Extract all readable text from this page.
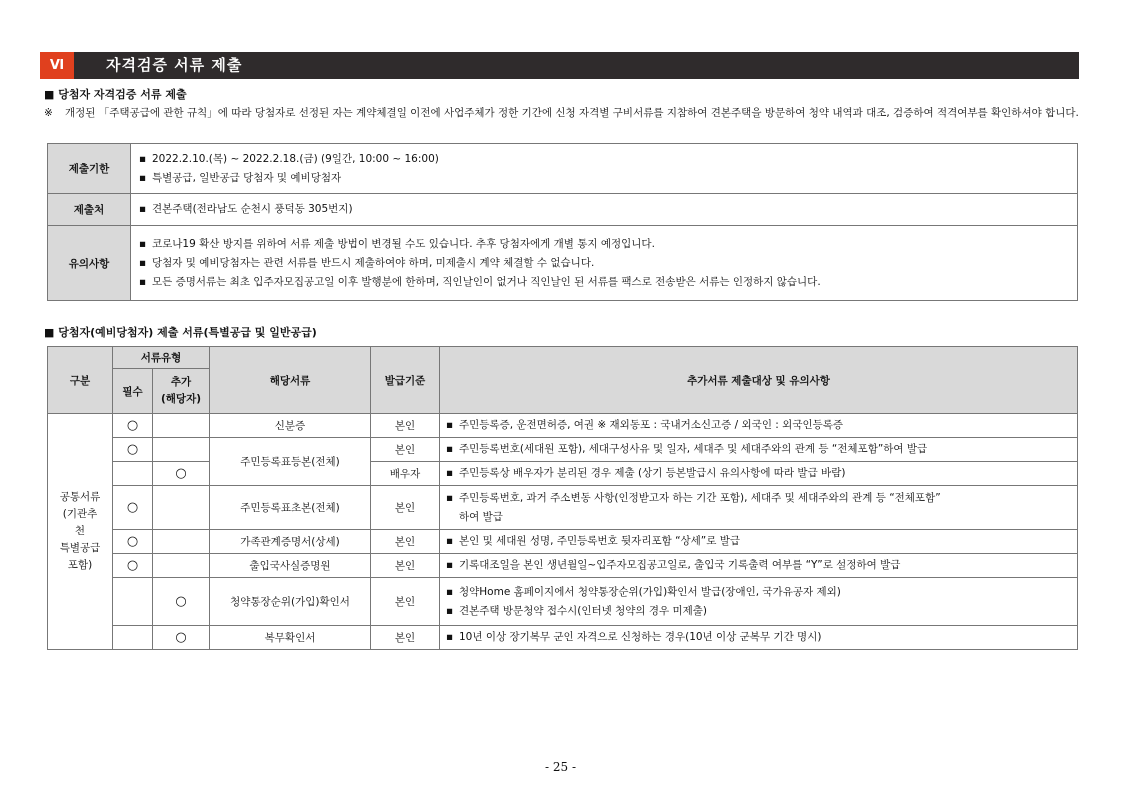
Ⅵ	자격검증 서류 제출
■ 당첨자 자격검증 서류 제출
※ 개정된 「주택공급에 관한 규칙」에 따라 당첨자로 선정된 자는 계약체결일 이전에 사업주체가 정한 기간에 신청 자격별 구비서류를 지참하여 견본주택을 방문하여 청약 내역과 대조, 검증하여 적격여부를 확인하셔야 합니다.
제출기한	▪ 2022.2.10.(목) ~ 2022.2.18.(금) (9일간, 10:00 ~ 16:00)
▪ 특별공급, 일반공급 당첨자 및 예비당첨자

제출처	▪ 견본주택(전라남도 순천시 풍덕동 305번지)

유의사항	▪ 코로나19 확산 방지를 위하여 서류 제출 방법이 변경될 수도 있습니다. 추후 당첨자에게 개별 통지 예정입니다.
▪ 당첨자 및 예비당첨자는 관련 서류를 반드시 제출하여야 하며, 미제출시 계약 체결할 수 없습니다.
▪ 모든 증명서류는 최초 입주자모집공고일 이후 발행분에 한하며, 직인날인이 없거나 직인날인 된 서류를 팩스로 전송받은 서류는 인정하지 않습니다.
■ 당첨자(예비당첨자) 제출 서류(특별공급 및 일반공급)
구분	서류유형		해당서류	발급기준	추가서류 제출대상 및 유의사항
	필수	추가
(해당자)			
공통서류
(기관추
천
특별공급
포함)	○		신분증	본인	▪ 주민등록증, 운전면허증, 여권 ※ 재외동포 : 국내거소신고증 / 외국인 : 외국인등록증

	○		주민등록표등본(전체)	본인	▪ 주민등록번호(세대원 포함), 세대구성사유 및 일자, 세대주 및 세대주와의 관계 등 “전체포함”하여 발급

		○		배우자	▪ 주민등록상 배우자가 분리된 경우 제출 (상기 등본발급시 유의사항에 따라 발급 바람)

	○		주민등록표초본(전체)	본인	▪ 주민등록번호, 과거 주소변동 사항(인정받고자 하는 기간 포함), 세대주 및 세대주와의 관계 등 “전체포함”
하여 발급

	○		가족관계증명서(상세)	본인	▪ 본인 및 세대원 성명, 주민등록번호 뒷자리포함 “상세”로 발급

	○		출입국사실증명원	본인	▪ 기록대조일을 본인 생년월일~입주자모집공고일로, 출입국 기록출력 여부를 “Y”로 설정하여 발급

		○	청약통장순위(가입)확인서	본인	▪ 청약Home 홈페이지에서 청약통장순위(가입)확인서 발급(장애인, 국가유공자 제외)
▪ 견본주택 방문청약 접수시(인터넷 청약의 경우 미제출)

		○	복무확인서	본인	▪ 10년 이상 장기복무 군인 자격으로 신청하는 경우(10년 이상 군복무 기간 명시)
- 25 -
